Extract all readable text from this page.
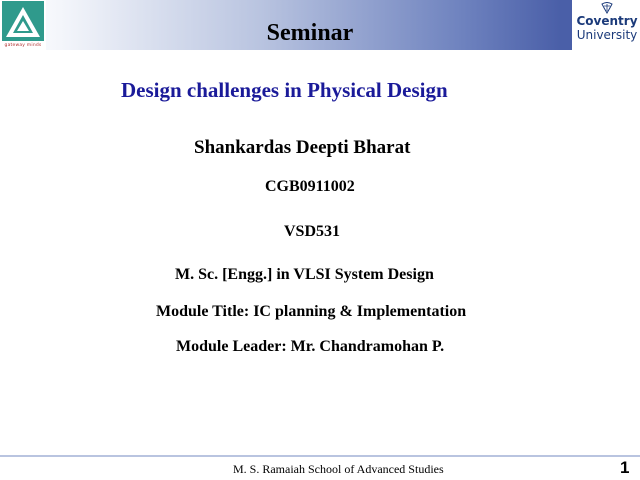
gateway minds	Seminar	Coventry
University
Design challenges in Physical Design
Shankardas Deepti Bharat
CGB0911002
VSD531
M. Sc. [Engg.] in VLSI System Design
Module Title: IC planning & Implementation
Module Leader: Mr. Chandramohan P.
M. S. Ramaiah School of Advanced Studies	1
